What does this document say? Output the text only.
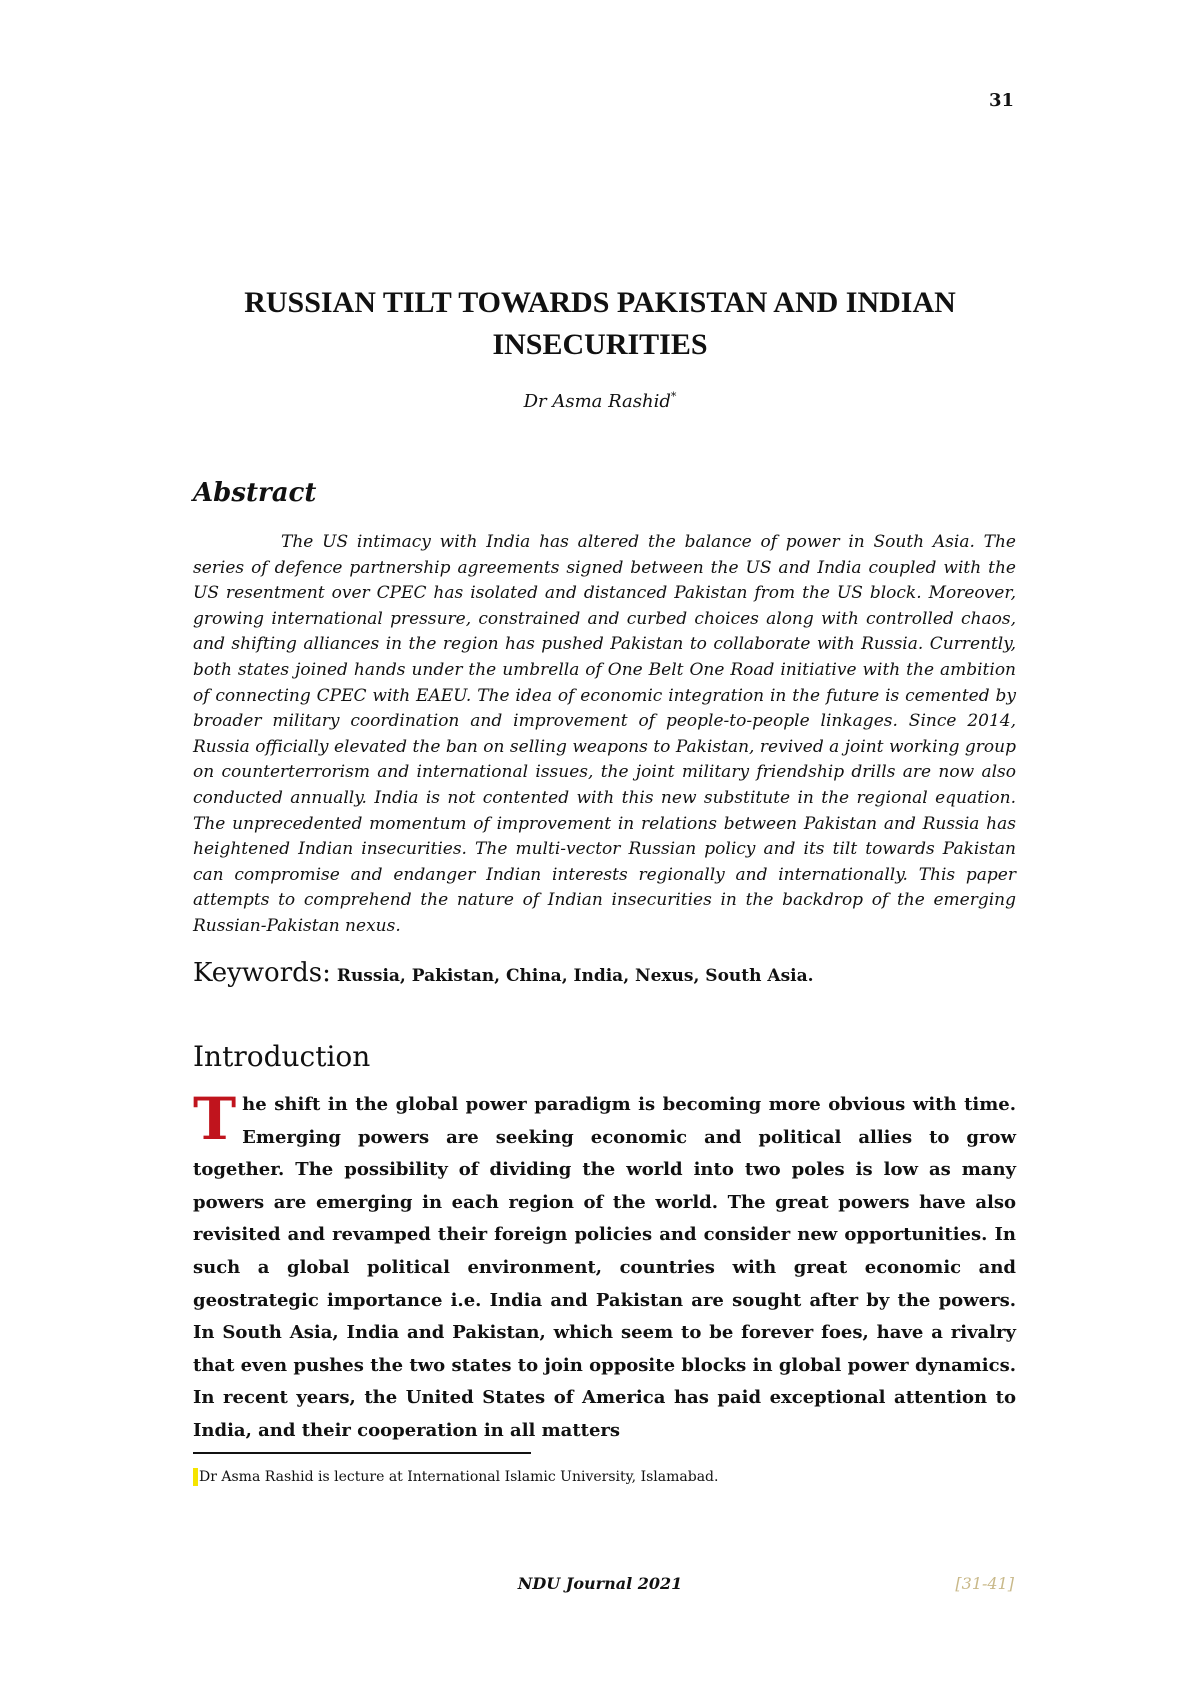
31
RUSSIAN TILT TOWARDS PAKISTAN AND INDIAN INSECURITIES
Dr Asma Rashid*
Abstract

The US intimacy with India has altered the balance of power in South Asia. The series of defence partnership agreements signed between the US and India coupled with the US resentment over CPEC has isolated and distanced Pakistan from the US block. Moreover, growing international pressure, constrained and curbed choices along with controlled chaos, and shifting alliances in the region has pushed Pakistan to collaborate with Russia. Currently, both states joined hands under the umbrella of One Belt One Road initiative with the ambition of connecting CPEC with EAEU. The idea of economic integration in the future is cemented by broader military coordination and improvement of people-to-people linkages. Since 2014, Russia officially elevated the ban on selling weapons to Pakistan, revived a joint working group on counterterrorism and international issues, the joint military friendship drills are now also conducted annually. India is not contented with this new substitute in the regional equation. The unprecedented momentum of improvement in relations between Pakistan and Russia has heightened Indian insecurities. The multi-vector Russian policy and its tilt towards Pakistan can compromise and endanger Indian interests regionally and internationally. This paper attempts to comprehend the nature of Indian insecurities in the backdrop of the emerging Russian-Pakistan nexus.

Keywords: Russia, Pakistan, China, India, Nexus, South Asia.

Introduction

The shift in the global power paradigm is becoming more obvious with time. Emerging powers are seeking economic and political allies to grow together. The possibility of dividing the world into two poles is low as many powers are emerging in each region of the world. The great powers have also revisited and revamped their foreign policies and consider new opportunities. In such a global political environment, countries with great economic and geostrategic importance i.e. India and Pakistan are sought after by the powers. In South Asia, India and Pakistan, which seem to be forever foes, have a rivalry that even pushes the two states to join opposite blocks in global power dynamics. In recent years, the United States of America has paid exceptional attention to India, and their cooperation in all matters

Dr Asma Rashid is lecture at International Islamic University, Islamabad.

NDU Journal 2021	[31-41]
